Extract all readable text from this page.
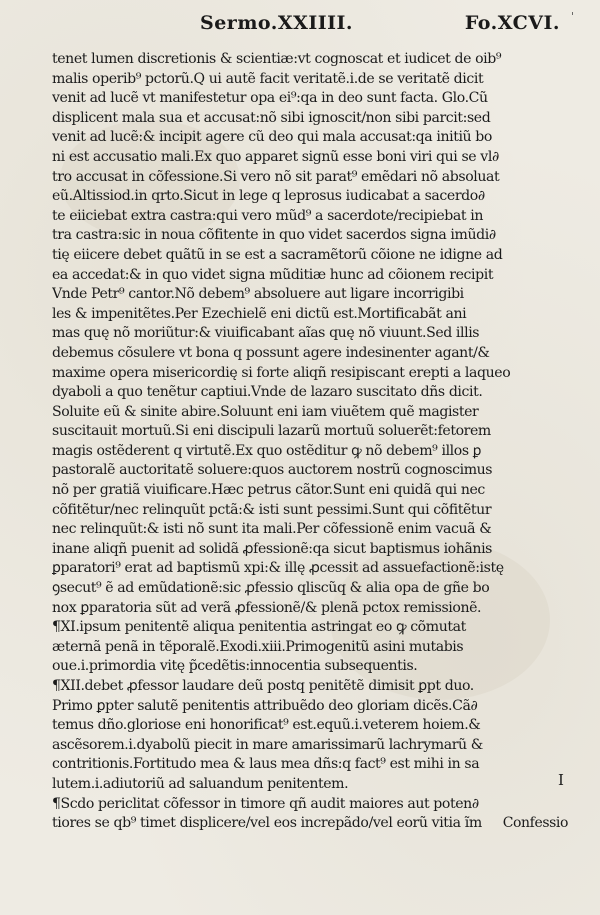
Sermo.XXIIII.	Fo.XCVI. '
tenet lumen discretionis & scientiæ:vt cognoscat et iudicet de oib⁹
malis operib⁹ pctorũ.Q ui autẽ facit veritatẽ.i.de se veritatẽ dicit
venit ad lucẽ vt manifestetur opa ei⁹:qa in deo sunt facta. Glo.Cũ
displicent mala sua et accusat:nõ sibi ignoscit/non sibi parcit:sed
venit ad lucẽ:& incipit agere cũ deo qui mala accusat:qa initiũ bo
ni est accusatio mali.Ex quo apparet signũ esse boni viri qui se vl∂
tro accusat in cõfessione.Si vero nõ sit parat⁹ emẽdari nõ absoluat
eũ.Altissiod.in qrto.Sicut in lege q leprosus iudicabat a sacerdo∂
te eiiciebat extra castra:qui vero mũd⁹ a sacerdote/recipiebat in
tra castra:sic in noua cõfitente in quo videt sacerdos signa imũdi∂
tię eiicere debet quãtũ in se est a sacramẽtorũ cõione ne idigne ad
ea accedat:& in quo videt signa mũditiæ hunc ad cõionem recipit
Vnde Petr⁹ cantor.Nõ debem⁹ absoluere aut ligare incorrigibi
les & impenitẽtes.Per Ezechielẽ eni dictũ est.Mortificabãt ani
mas quę nõ moriũtur:& viuificabant aĩas quę nõ viuunt.Sed illis
debemus cõsulere vt bona q possunt agere indesinenter agant/&
maxime opera misericordię si forte aliqñ resipiscant erepti a laqueo
dyaboli a quo tenẽtur captiui.Vnde de lazaro suscitato dñs dicit.
Soluite eũ & sinite abire.Soluunt eni iam viuẽtem quẽ magister
suscitauit mortuũ.Si eni discipuli lazarũ mortuũ soluerẽt:fetorem
magis ostẽderent q virtutẽ.Ex quo ostẽditur ꝙ nõ debem⁹ illos ꝑ
pastoralẽ auctoritatẽ soluere:quos auctorem nostrũ cognoscimus
nõ per gratiã viuificare.Hæc petrus cãtor.Sunt eni quidã qui nec
cõfitẽtur/nec relinquũt pctã:& isti sunt pessimi.Sunt qui cõfitẽtur
nec relinquũt:& isti nõ sunt ita mali.Per cõfessionẽ enim vacuã &
inane aliqñ puenit ad solidã ꝓfessionẽ:qa sicut baptismus iohãnis
ꝑparatori⁹ erat ad baptismũ xpi:& illę ꝓcessit ad assuefactionẽ:istę
ꝯsecut⁹ ẽ ad emũdationẽ:sic ꝓfessio qliscũq & alia opa de gñe bo
nox ꝑparatoria sũt ad verã ꝓfessionẽ/& plenã pctox remissionẽ.
¶XI.ipsum penitentẽ aliqua penitentia astringat eo ꝙ cõmutat
æternã penã in tẽporalẽ.Exodi.xiii.Primogenitũ asini mutabis
oue.i.primordia vitę p̃cedẽtis:innocentia subsequentis.
¶XII.debet ꝓfessor laudare deũ postq penitẽtẽ dimisit ꝑpt duo.
Primo ꝑpter salutẽ penitentis attribuẽdo deo gloriam dicẽs.Cã∂
temus dño.gloriose eni honorificat⁹ est.equũ.i.veterem hoiem.&
ascẽsorem.i.dyabolũ piecit in mare amarissimarũ lachrymarũ &
contritionis.Fortitudo mea & laus mea dñs:q fact⁹ est mihi in sa
lutem.i.adiutoriũ ad saluandum penitentem.
¶Scdo periclitat cõfessor in timore qñ audit maiores aut poten∂
tiores se qb⁹ timet displicere/vel eos increpãdo/vel eorũ vitia ĩm Confessio
I
